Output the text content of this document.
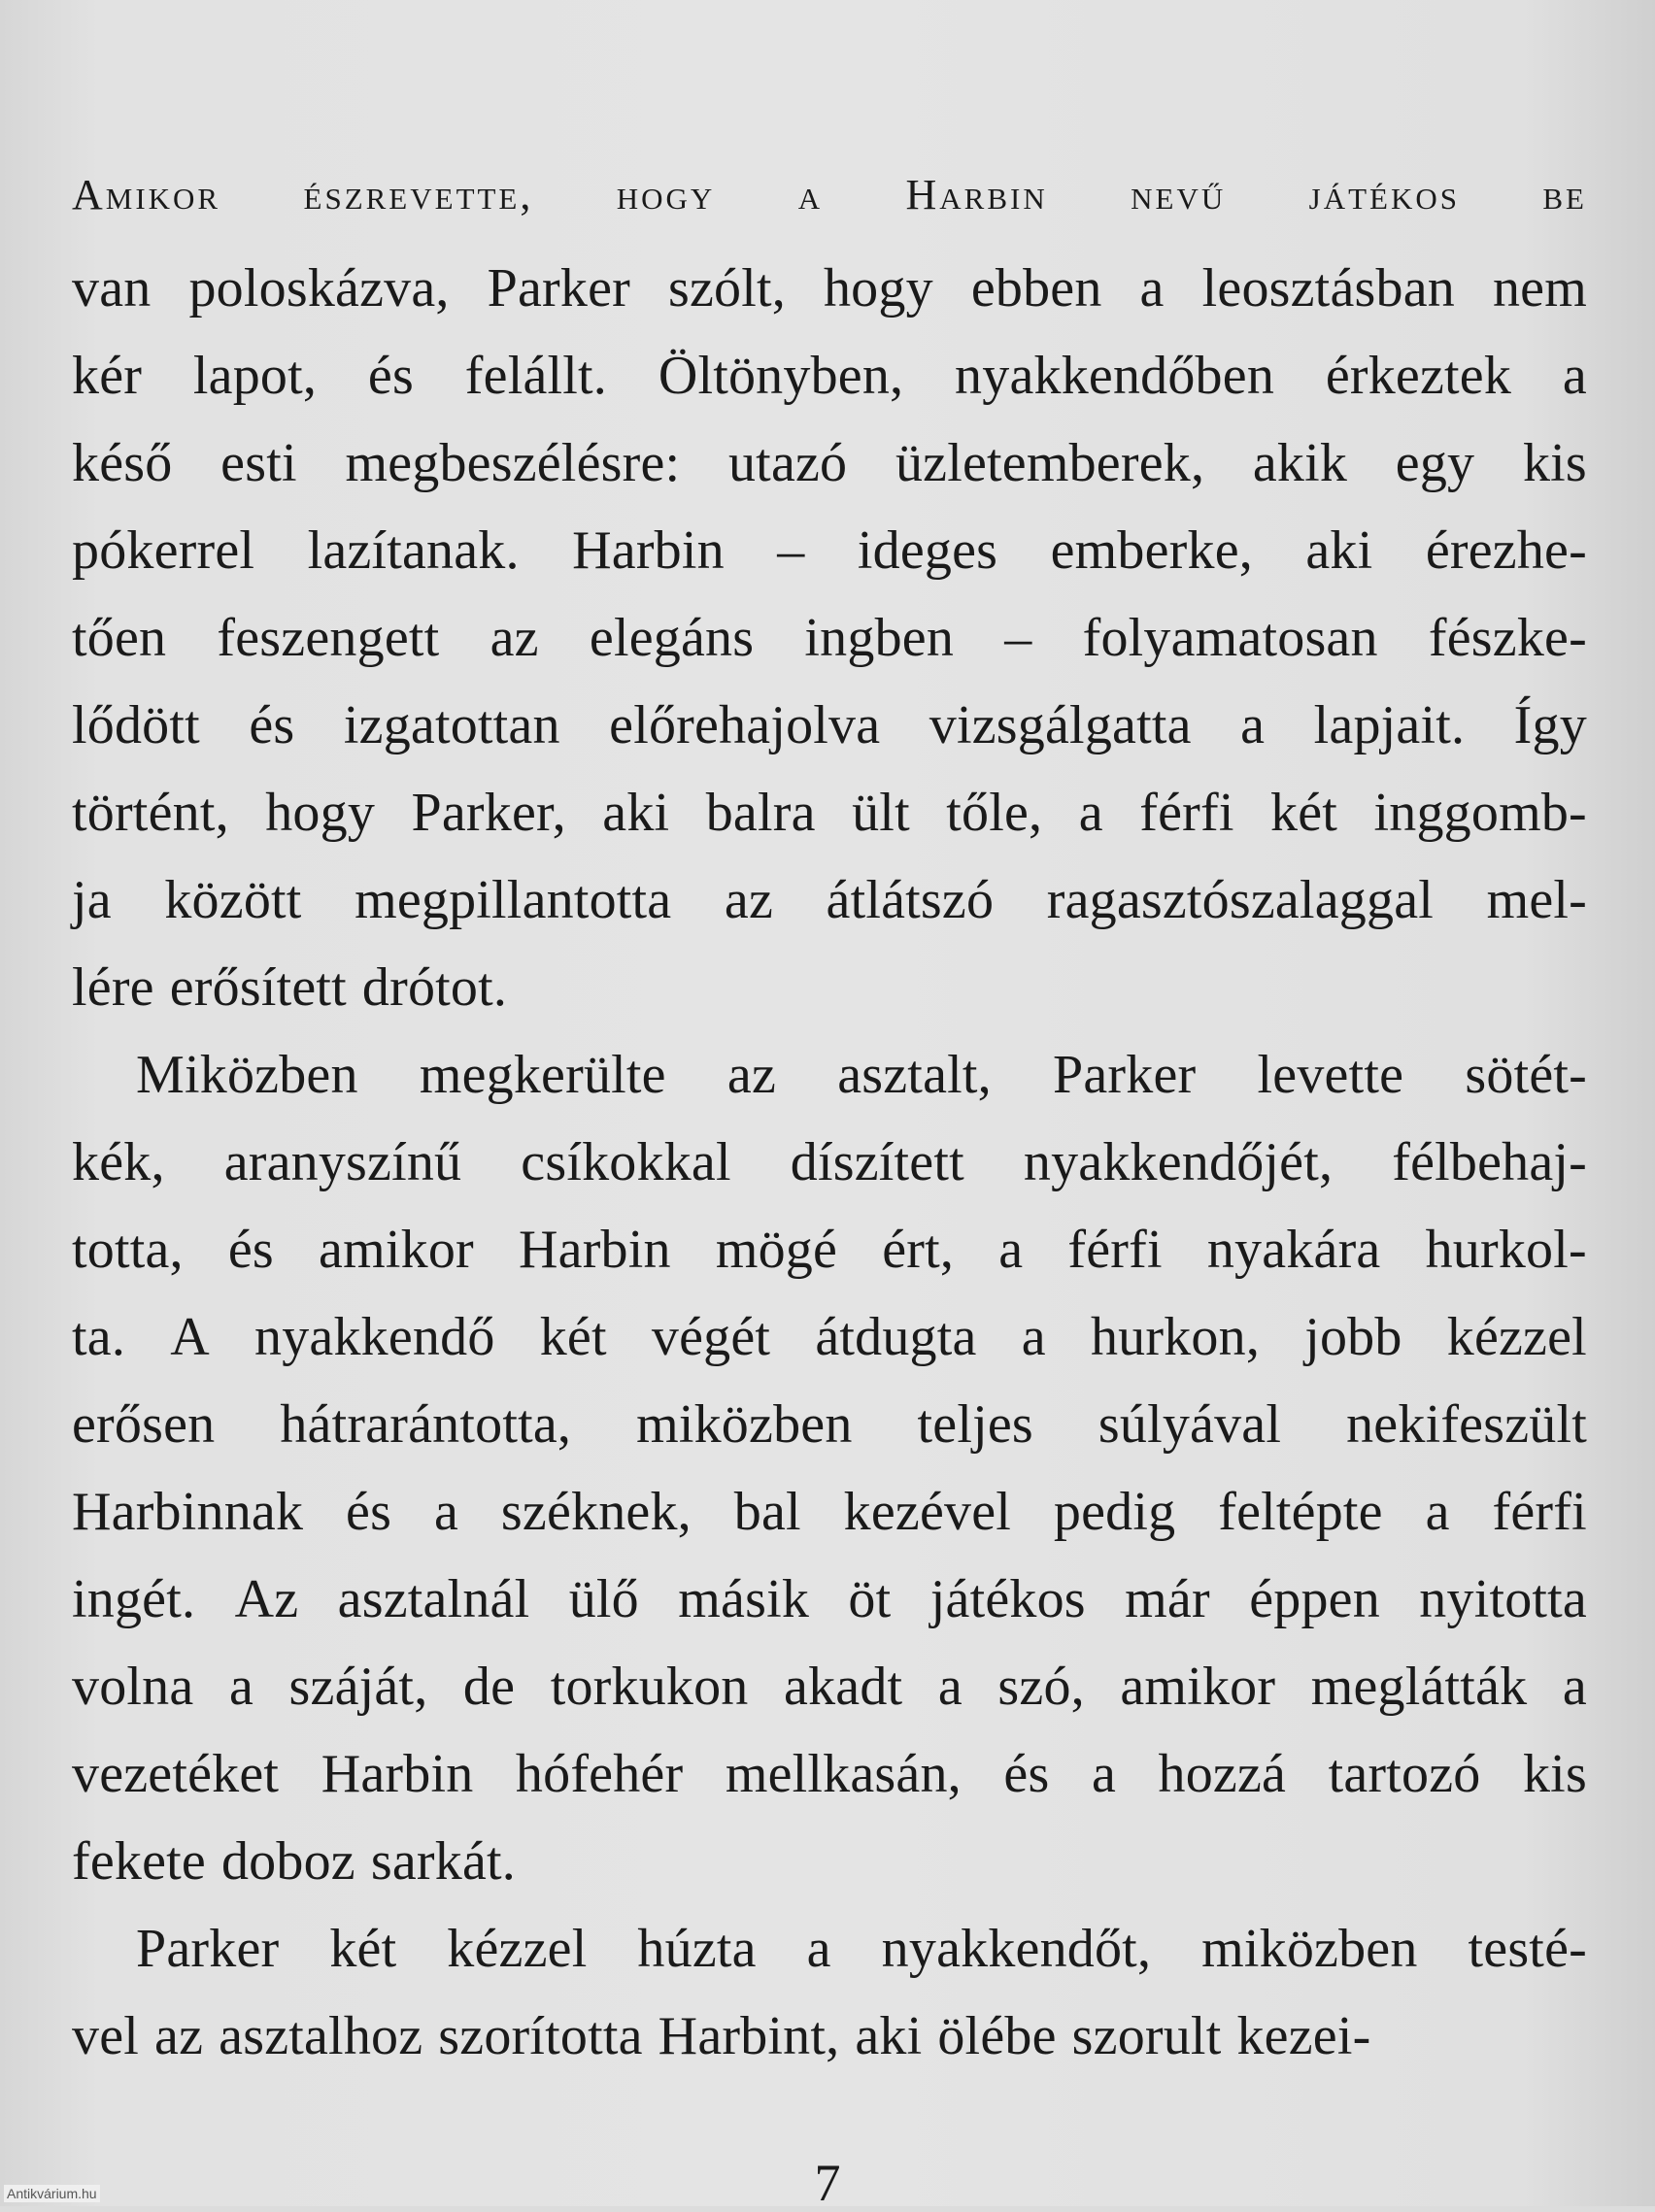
Amikor észrevette, hogy a Harbin nevű játékos be
van poloskázva, Parker szólt, hogy ebben a leosztásban nem
kér lapot, és felállt. Öltönyben, nyakkendőben érkeztek a
késő esti megbeszélésre: utazó üzletemberek, akik egy kis
pókerrel lazítanak. Harbin – ideges emberke, aki érezhe-
tően feszengett az elegáns ingben – folyamatosan fészke-
lődött és izgatottan előrehajolva vizsgálgatta a lapjait. Így
történt, hogy Parker, aki balra ült tőle, a férfi két inggomb-
ja között megpillantotta az átlátszó ragasztószalaggal mel-
lére erősített drótot.
Miközben megkerülte az asztalt, Parker levette sötét-
kék, aranyszínű csíkokkal díszített nyakkendőjét, félbehaj-
totta, és amikor Harbin mögé ért, a férfi nyakára hurkol-
ta. A nyakkendő két végét átdugta a hurkon, jobb kézzel
erősen hátrarántotta, miközben teljes súlyával nekifeszült
Harbinnak és a széknek, bal kezével pedig feltépte a férfi
ingét. Az asztalnál ülő másik öt játékos már éppen nyitotta
volna a száját, de torkukon akadt a szó, amikor meglátták a
vezetéket Harbin hófehér mellkasán, és a hozzá tartozó kis
fekete doboz sarkát.
Parker két kézzel húzta a nyakkendőt, miközben testé-
vel az asztalhoz szorította Harbint, aki ölébe szorult kezei-
7
Antikvárium.hu
